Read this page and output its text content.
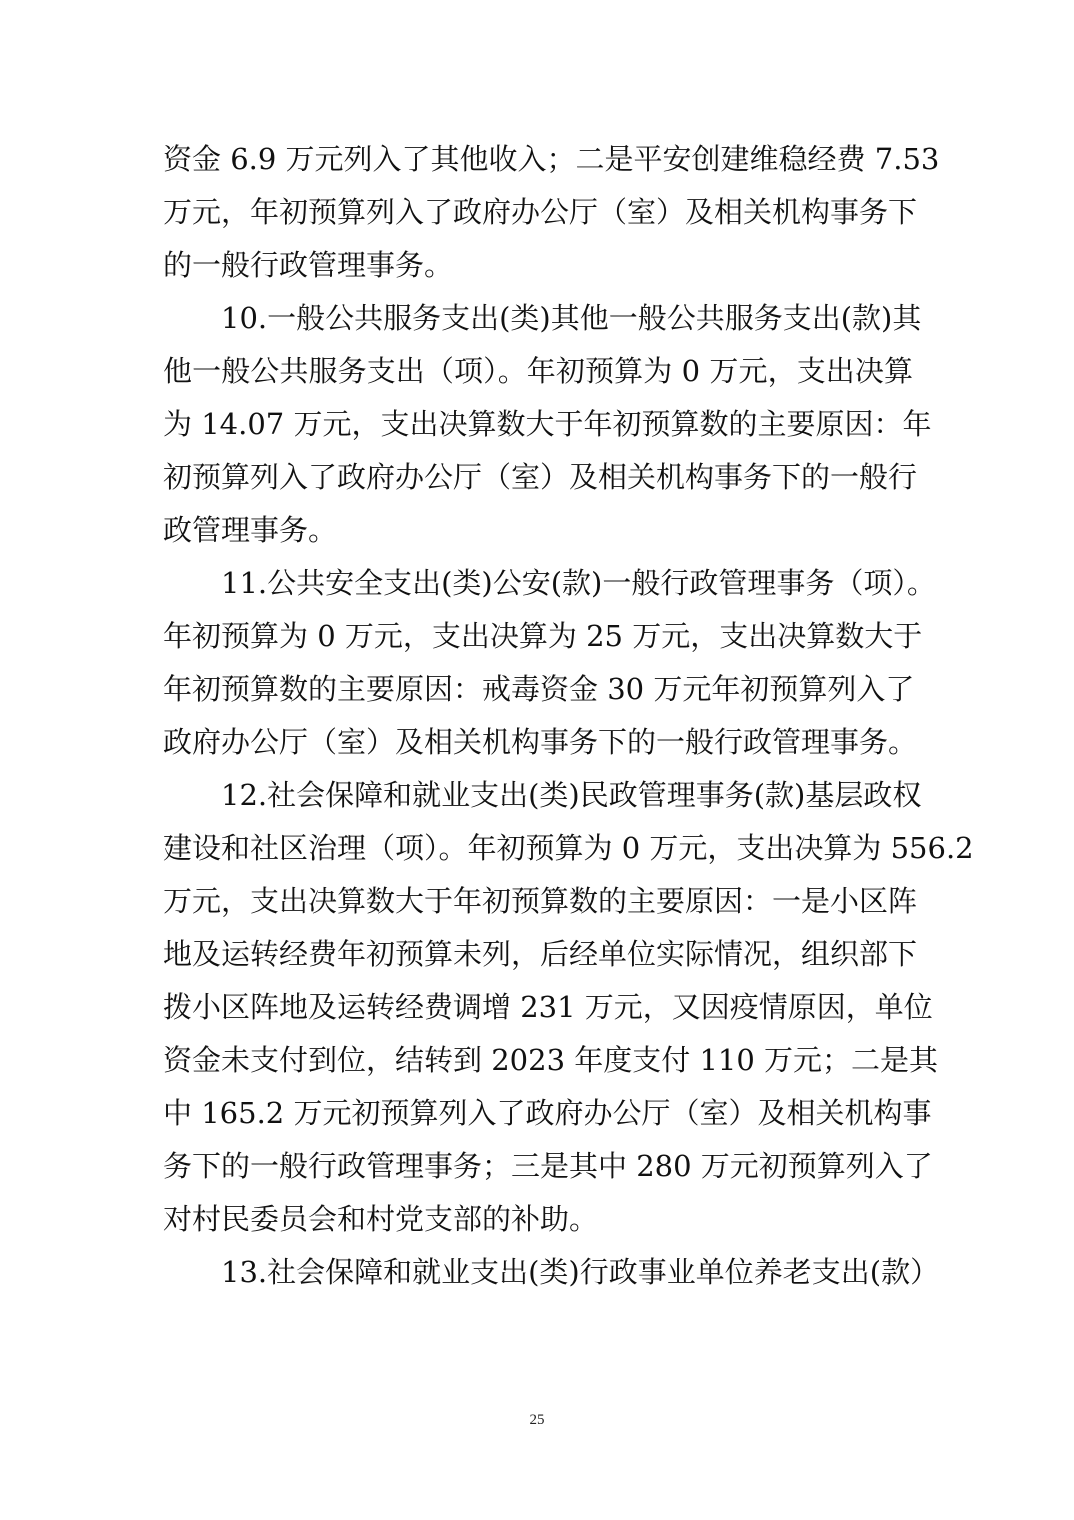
资金 6.9 万元列入了其他收入；二是平安创建维稳经费 7.53
万元，年初预算列入了政府办公厅（室）及相关机构事务下
的一般行政管理事务。
10.一般公共服务支出(类)其他一般公共服务支出(款)其
他一般公共服务支出（项）。年初预算为 0 万元，支出决算
为 14.07 万元，支出决算数大于年初预算数的主要原因：年
初预算列入了政府办公厅（室）及相关机构事务下的一般行
政管理事务。
11.公共安全支出(类)公安(款)一般行政管理事务（项）。
年初预算为 0 万元，支出决算为 25 万元，支出决算数大于
年初预算数的主要原因：戒毒资金 30 万元年初预算列入了
政府办公厅（室）及相关机构事务下的一般行政管理事务。
12.社会保障和就业支出(类)民政管理事务(款)基层政权
建设和社区治理（项）。年初预算为 0 万元，支出决算为 556.2
万元，支出决算数大于年初预算数的主要原因：一是小区阵
地及运转经费年初预算未列，后经单位实际情况，组织部下
拨小区阵地及运转经费调增 231 万元，又因疫情原因，单位
资金未支付到位，结转到 2023 年度支付 110 万元；二是其
中 165.2 万元初预算列入了政府办公厅（室）及相关机构事
务下的一般行政管理事务；三是其中 280 万元初预算列入了
对村民委员会和村党支部的补助。
13.社会保障和就业支出(类)行政事业单位养老支出(款）
25
